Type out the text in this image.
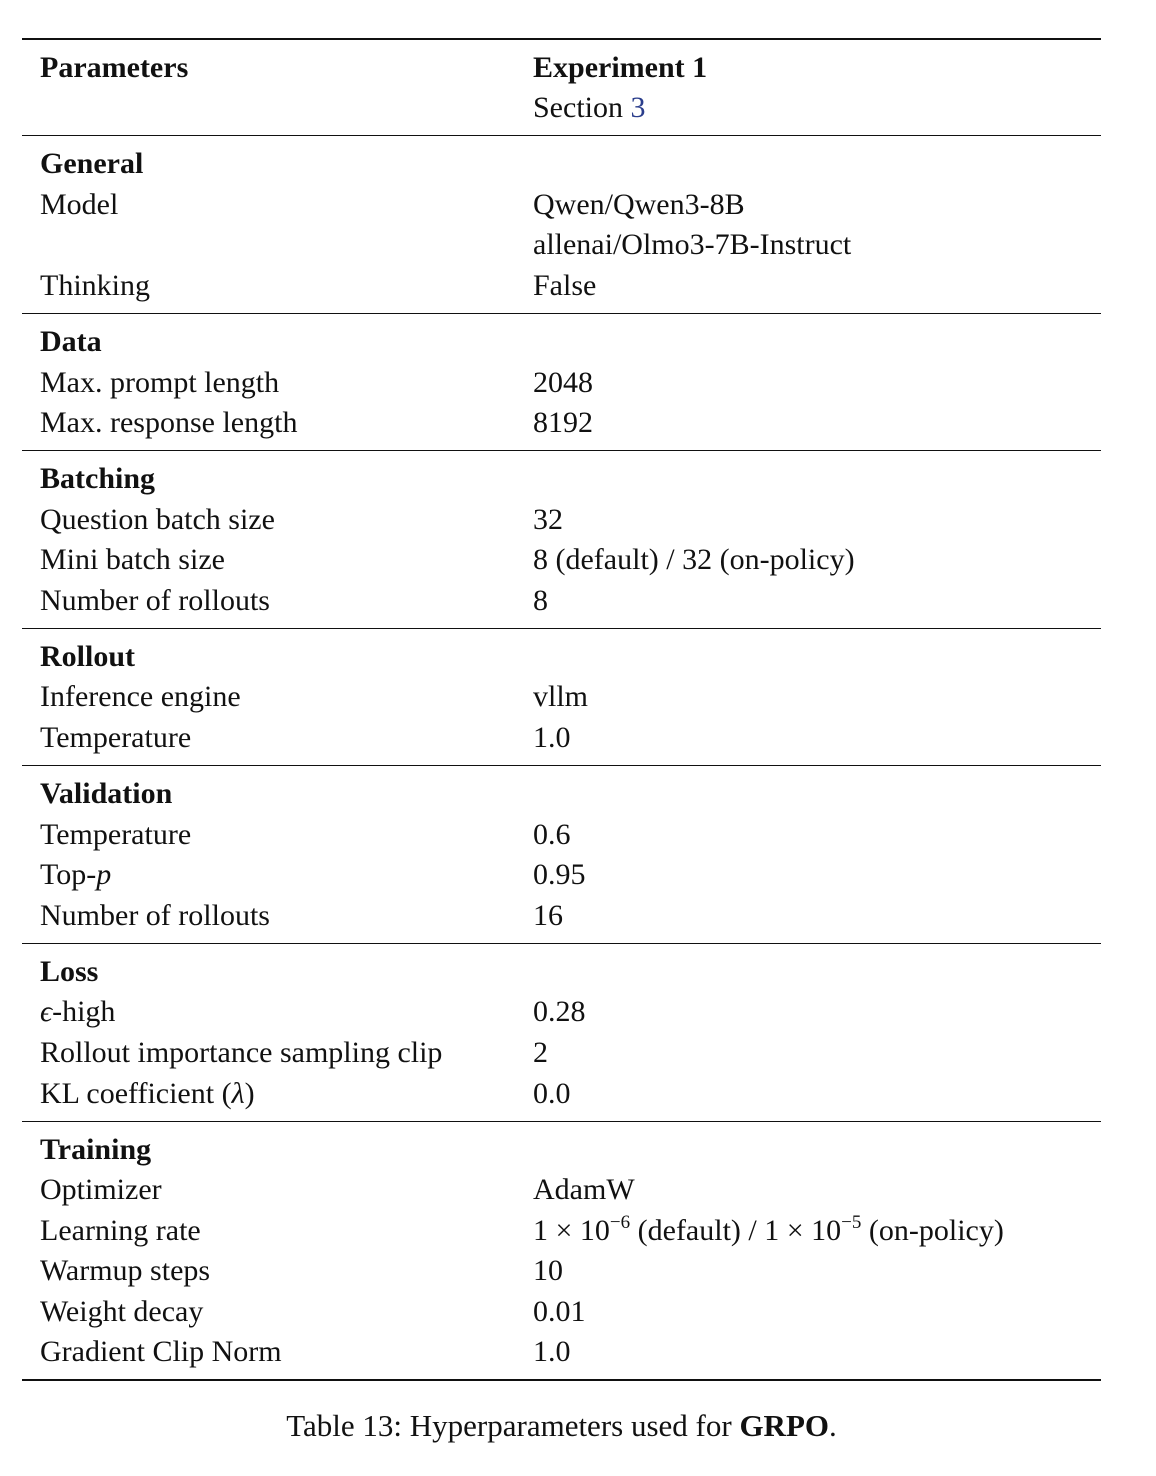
Parameters	Experiment 1
Section 3
General
Model	Qwen/Qwen3-8B
allenai/Olmo3-7B-Instruct
Thinking	False
Data
Max. prompt length	2048
Max. response length	8192
Batching
Question batch size	32
Mini batch size	8 (default) / 32 (on-policy)
Number of rollouts	8
Rollout
Inference engine	vllm
Temperature	1.0
Validation
Temperature	0.6
Top-p	0.95
Number of rollouts	16
Loss
ϵ-high	0.28
Rollout importance sampling clip	2
KL coefficient (λ)	0.0
Training
Optimizer	AdamW
Learning rate	$1 \times 10^{-6}$ (default) / $1 \times 10^{-5}$ (on-policy)
Warmup steps	10
Weight decay	0.01
Gradient Clip Norm	1.0
Table 13: Hyperparameters used for GRPO.
